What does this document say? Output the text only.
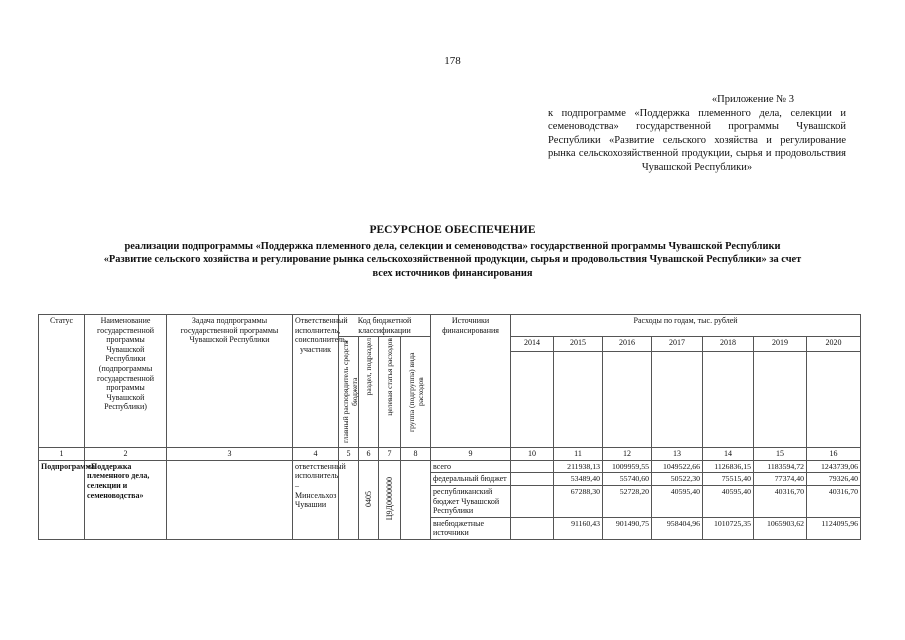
178
«Приложение № 3
к подпрограмме «Поддержка племенного дела, селекции и семеноводства» государственной программы Чувашской Республики «Развитие сельского хозяйства и регулирование рынка сельскохозяйственной продукции, сырья и продовольствия Чувашской Республики»
РЕСУРСНОЕ ОБЕСПЕЧЕНИЕ
реализации подпрограммы «Поддержка племенного дела, селекции и семеноводства» государственной программы Чувашской Республики «Развитие сельского хозяйства и регулирование рынка сельскохозяйственной продукции, сырья и продовольствия Чувашской Республики» за счет всех источников финансирования
Статус	Наименование государственной программы Чувашской Республики (подпрограммы государственной программы Чувашской Республики)	Задача подпрограммы государственной программы Чувашской Республики	Ответственный исполнитель, соисполнитель, участник	Код бюджетной классификации				Источники финансирования	Расходы по годам, тыс. рублей						

				главный распорядитель средств бюджета	раздел, подраздел	целевая статья расходов	группа (подгруппа) вида расходов		2014	2015	2016	2017	2018	2019	2020

1	2	3	4	5	6	7	8	9	10	11	12	13	14	15	16
Подпрограмма	«Поддержка племенного дела, селекции и семеноводства»		ответственный исполнитель – Минсельхоз Чувашии		0405	Ц9Д0000000		всего		211938,13	1009959,55	1049522,66	1126836,15	1183594,72	1243739,06
								федеральный бюджет		53489,40	55740,60	50522,30	75515,40	77374,40	79326,40
								республиканский бюджет Чувашской Республики		67288,30	52728,20	40595,40	40595,40	40316,70	40316,70
								внебюджетные источники		91160,43	901490,75	958404,96	1010725,35	1065903,62	1124095,96
